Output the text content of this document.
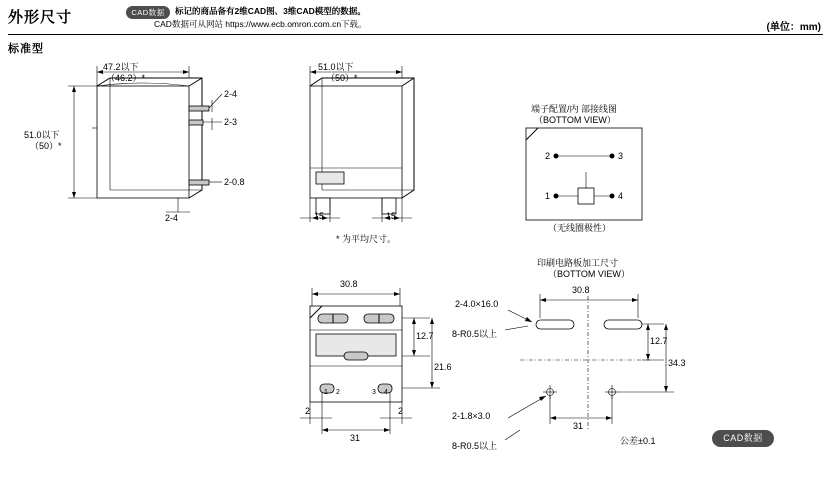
外形尺寸	CAD数据	标记的商品备有2维CAD图、3维CAD模型的数据。
CAD数据可从网站 https://www.ecb.omron.com.cn下载。	(单位：mm)
标准型
47.2以下
（46.2）*
51.0以下
（50）*
2-4
2-3
2-0.8
2-4
51.0以下
（50）*
15	15
* 为平均尺寸。
端子配置/内 部接线图
（BOTTOM VIEW）
2	3
1	4
（无线圈极性）
30.8
12.7
21.6
1 2	3 4
2	2
31
印刷电路板加工尺寸
（BOTTOM VIEW）
30.8
12.7
34.3
31
2-4.0×16.0
8-R0.5以上
2-1.8×3.0
8-R0.5以上	公差±0.1	CAD数据
